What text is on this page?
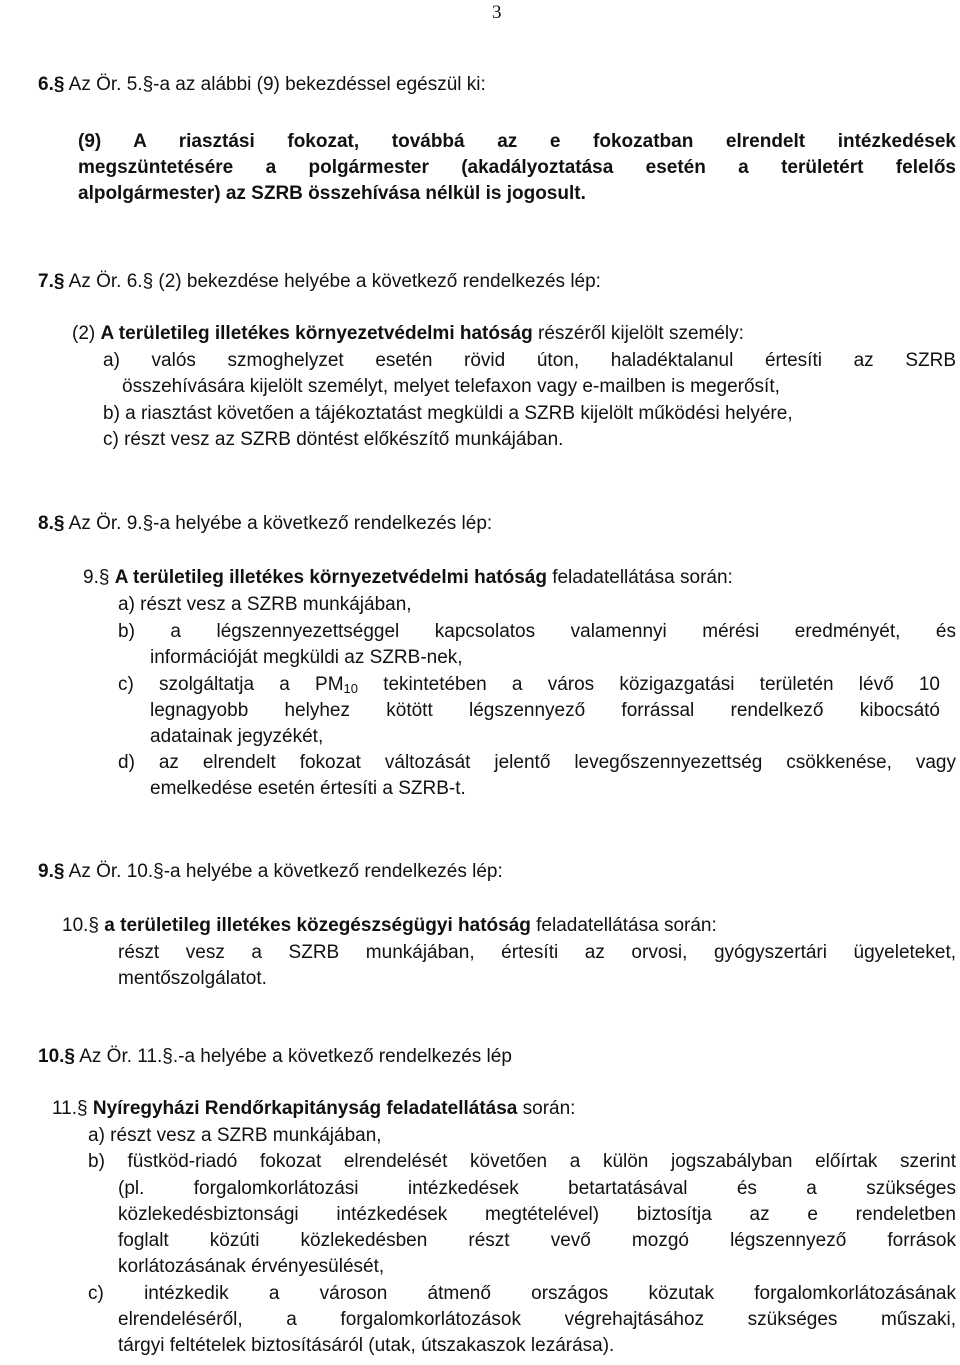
3
6.§ Az Ör. 5.§-a az alábbi (9) bekezdéssel egészül ki:
(9) A riasztási fokozat, továbbá az e fokozatban elrendelt intézkedések
megszüntetésére a polgármester (akadályoztatása esetén a területért felelős
alpolgármester) az SZRB összehívása nélkül is jogosult.
7.§ Az Ör. 6.§ (2) bekezdése helyébe a következő rendelkezés lép:
(2) A területileg illetékes környezetvédelmi hatóság részéről kijelölt személy:
a) valós szmoghelyzet esetén rövid úton, haladéktalanul értesíti az SZRB
összehívására kijelölt személyt, melyet telefaxon vagy e-mailben is megerősít,
b) a riasztást követően a tájékoztatást megküldi a SZRB kijelölt működési helyére,
c) részt vesz az SZRB döntést előkészítő munkájában.
8.§ Az Ör. 9.§-a helyébe a következő rendelkezés lép:
9.§ A területileg illetékes környezetvédelmi hatóság feladatellátása során:
a) részt vesz a SZRB munkájában,
b) a légszennyezettséggel kapcsolatos valamennyi mérési eredményét, és
információját megküldi az SZRB-nek,
c) szolgáltatja a $PM_{10}$ tekintetében a város közigazgatási területén lévő 10
legnagyobb helyhez kötött légszennyező forrással rendelkező kibocsátó
adatainak jegyzékét,
d) az elrendelt fokozat változását jelentő levegőszennyezettség csökkenése, vagy
emelkedése esetén értesíti a SZRB-t.
9.§ Az Ör. 10.§-a helyébe a következő rendelkezés lép:
10.§ a területileg illetékes közegészségügyi hatóság feladatellátása során:
részt vesz a SZRB munkájában, értesíti az orvosi, gyógyszertári ügyeleteket,
mentőszolgálatot.
10.§ Az Ör. 11.§.-a helyébe a következő rendelkezés lép
11.§ Nyíregyházi Rendőrkapitányság feladatellátása során:
a) részt vesz a SZRB munkájában,
b) füstköd-riadó fokozat elrendelését követően a külön jogszabályban előírtak szerint
(pl. forgalomkorlátozási intézkedések betartatásával és a szükséges
közlekedésbiztonsági intézkedések megtételével) biztosítja az e rendeletben
foglalt közúti közlekedésben részt vevő mozgó légszennyező források
korlátozásának érvényesülését,
c) intézkedik a városon átmenő országos közutak forgalomkorlátozásának
elrendeléséről, a forgalomkorlátozások végrehajtásához szükséges műszaki,
tárgyi feltételek biztosításáról (utak, útszakaszok lezárása).
